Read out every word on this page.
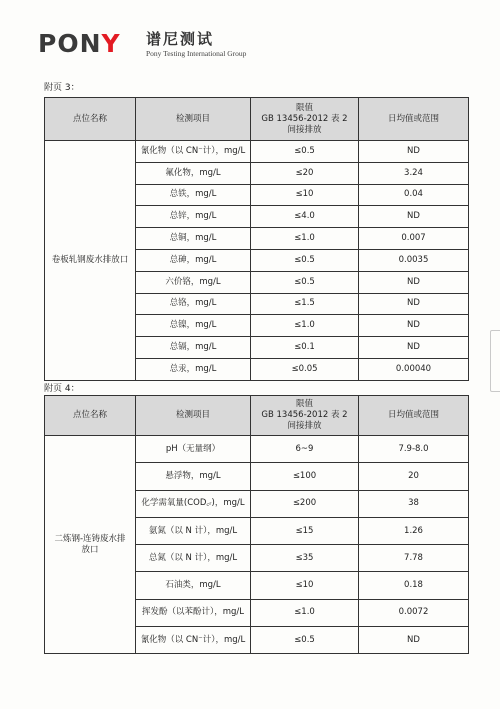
PONY 谱尼测试
Pony Testing International Group
附页 3：
点位名称	检测项目	限值
GB 13456-2012 表 2
间接排放	日均值或范围
卷板轧钢废水排放口	氰化物（以 CN⁻计），mg/L	≤0.5	ND
	氟化物，mg/L	≤20	3.24
	总铁，mg/L	≤10	0.04
	总锌，mg/L	≤4.0	ND
	总铜，mg/L	≤1.0	0.007
	总砷，mg/L	≤0.5	0.0035
	六价铬，mg/L	≤0.5	ND
	总铬，mg/L	≤1.5	ND
	总镍，mg/L	≤1.0	ND
	总镉，mg/L	≤0.1	ND
	总汞，mg/L	≤0.05	0.00040
附页 4：
点位名称	检测项目	限值
GB 13456-2012 表 2
间接排放	日均值或范围

二炼钢-连铸废水排
放口	pH（无量纲）	6~9	7.9-8.0
	悬浮物，mg/L	≤100	20
	化学需氧量(COD꜀ᵣ)，mg/L	≤200	38
	氨氮（以 N 计），mg/L	≤15	1.26
	总氮（以 N 计），mg/L	≤35	7.78
	石油类，mg/L	≤10	0.18
	挥发酚（以苯酚计），mg/L	≤1.0	0.0072
	氰化物（以 CN⁻计），mg/L	≤0.5	ND
